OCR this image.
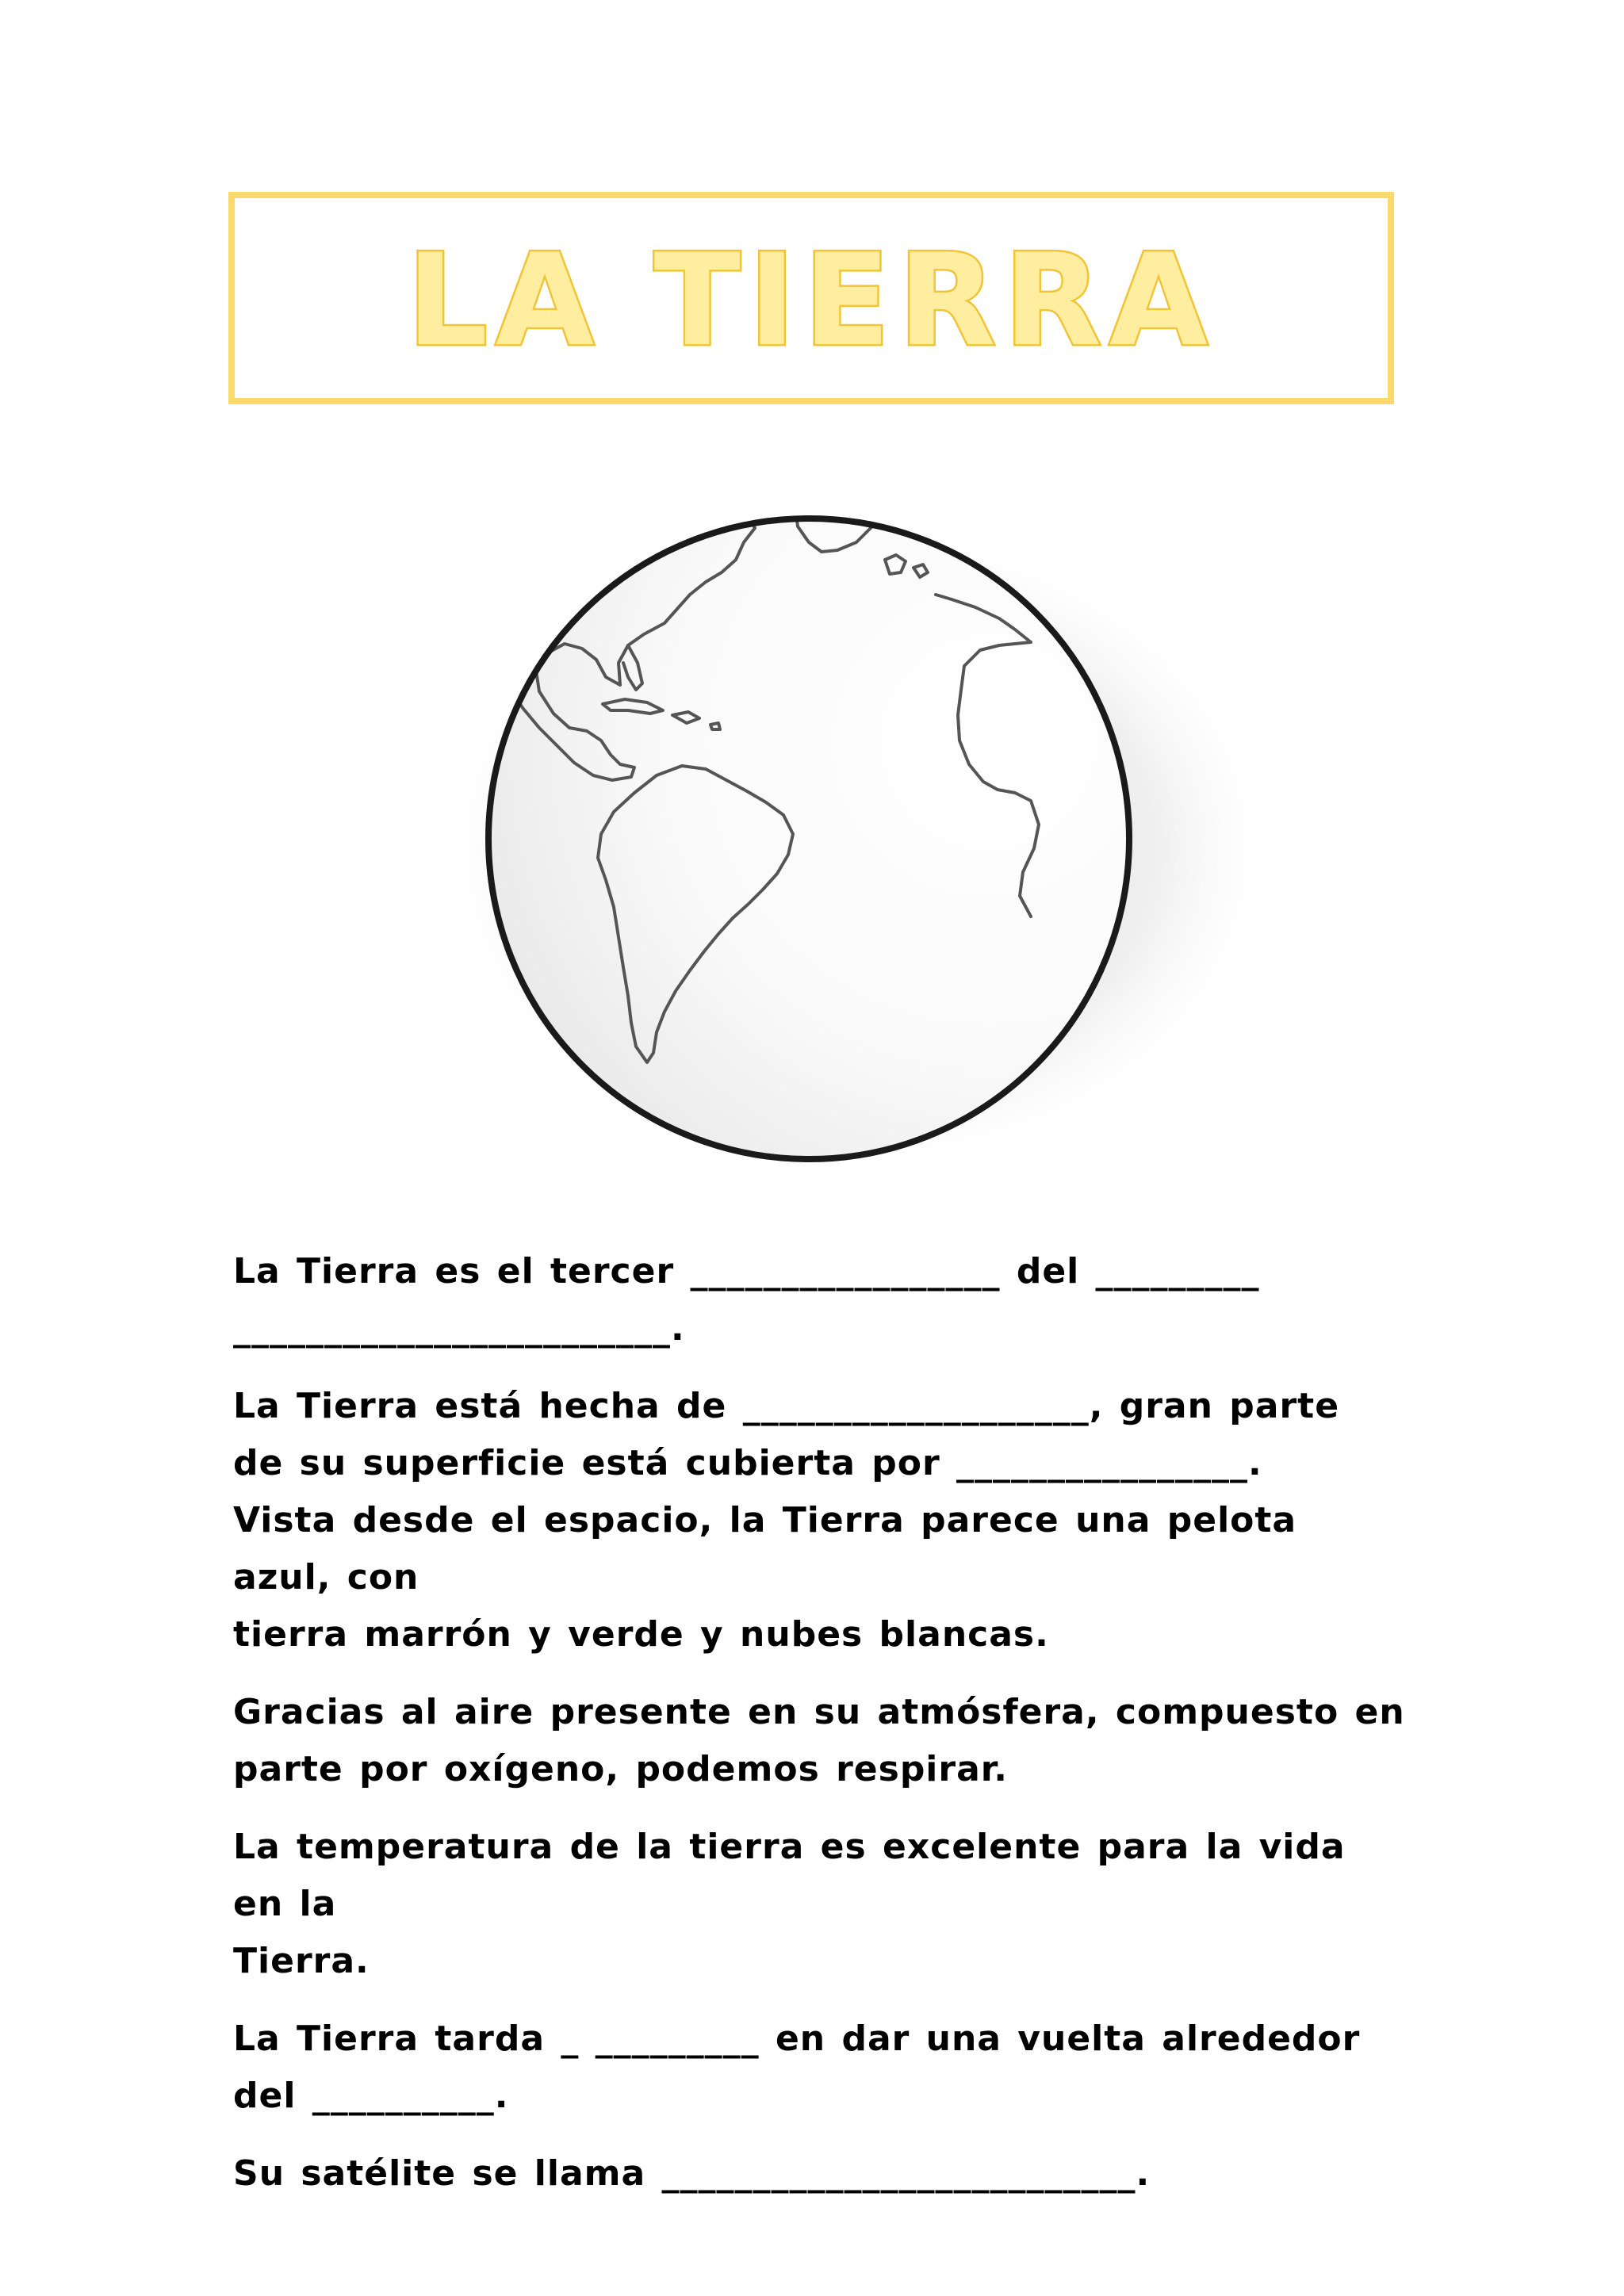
LA TIERRA

La Tierra es el tercer _________________ del _________
________________________.

La Tierra está hecha de ___________________, gran parte
de su superficie está cubierta por ________________.
Vista desde el espacio, la Tierra parece una pelota azul, con
tierra marrón y verde y nubes blancas.

Gracias al aire presente en su atmósfera, compuesto en
parte por oxígeno, podemos respirar.

La temperatura de la tierra es excelente para la vida en la
Tierra.

La Tierra tarda _ _________ en dar una vuelta alrededor
del __________.

Su satélite se llama __________________________.
